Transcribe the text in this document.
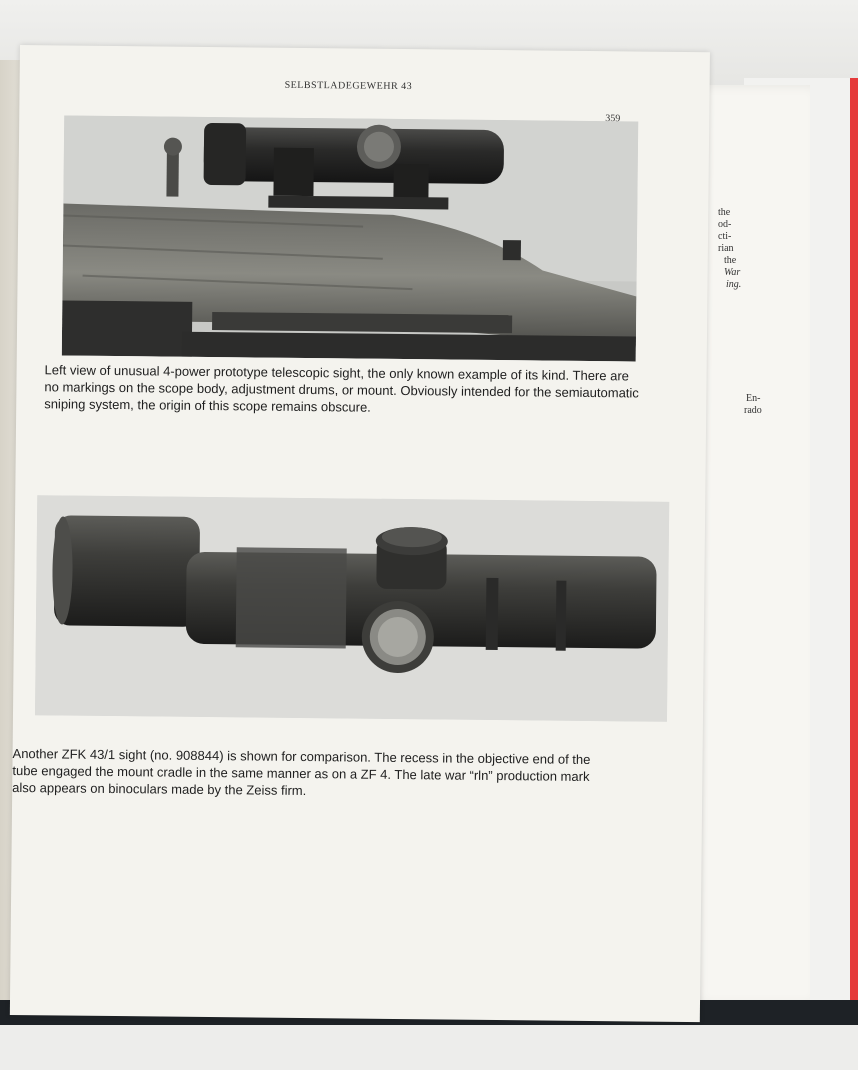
the
od-
cti-
rian
the
War
ing.
En-
rado
SELBSTLADEGEWEHR 43
359
Left view of unusual 4-power prototype telescopic sight, the only known example of its kind. There are
no markings on the scope body, adjustment drums, or mount. Obviously intended for the semiautomatic
sniping system, the origin of this scope remains obscure.
Another ZFK 43/1 sight (no. 908844) is shown for comparison. The recess in the objective end of the
tube engaged the mount cradle in the same manner as on a ZF 4. The late war “rln” production mark
also appears on binoculars made by the Zeiss firm.
